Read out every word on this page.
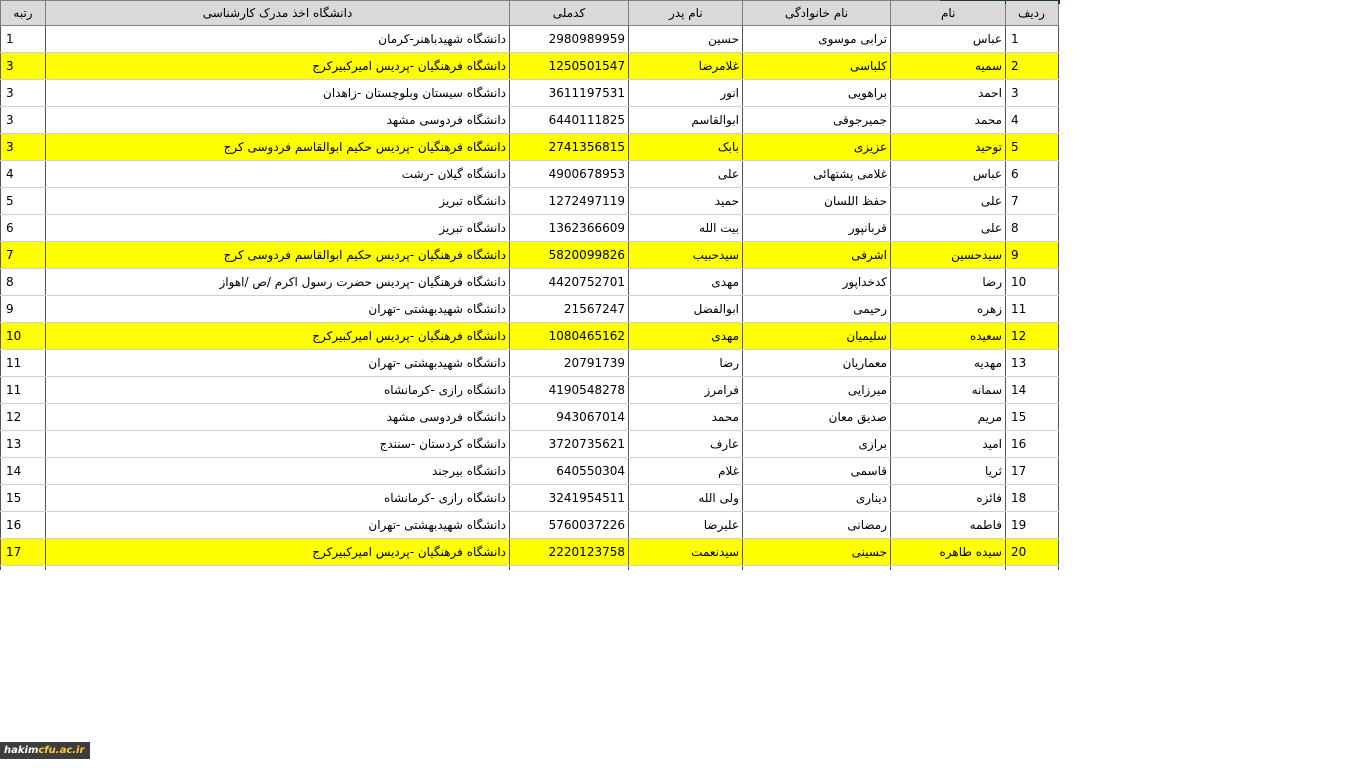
ردیف	نام	نام خانوادگی	نام پدر	کدملی	دانشگاه اخذ مدرک کارشناسی	رتبه
1	عباس	ترابی موسوی	حسین	2980989959	دانشگاه شهیدباهنر-کرمان	1
2	سمیه	کلباسی	غلامرضا	1250501547	دانشگاه فرهنگیان -پردیس امیرکبیرکرج	3
3	احمد	براهویی	انور	3611197531	دانشگاه سیستان وبلوچستان -زاهدان	3
4	محمد	جمیرجوقی	ابوالقاسم	6440111825	دانشگاه فردوسی مشهد	3
5	توحید	عزیزی	بابک	2741356815	دانشگاه فرهنگیان -پردیس حکیم ابوالقاسم فردوسی کرج	3
6	عباس	غلامی پشتهائی	علی	4900678953	دانشگاه گیلان -رشت	4
7	علی	حفظ اللسان	حمید	1272497119	دانشگاه تبریز	5
8	علی	قربانپور	بیت الله	1362366609	دانشگاه تبریز	6
9	سیدحسین	اشرفی	سیدحبیب	5820099826	دانشگاه فرهنگیان -پردیس حکیم ابوالقاسم فردوسی کرج	7
10	رضا	کدخداپور	مهدی	4420752701	دانشگاه فرهنگیان -پردیس حضرت رسول اکرم /ص /اهواز	8
11	زهره	رحیمی	ابوالفضل	21567247	دانشگاه شهیدبهشتی -تهران	9
12	سعیده	سلیمیان	مهدی	1080465162	دانشگاه فرهنگیان -پردیس امیرکبیرکرج	10
13	مهدیه	معماریان	رضا	20791739	دانشگاه شهیدبهشتی -تهران	11
14	سمانه	میرزایی	فرامرز	4190548278	دانشگاه رازی -کرمانشاه	11
15	مریم	صدیق معان	محمد	943067014	دانشگاه فردوسی مشهد	12
16	امید	برازی	عارف	3720735621	دانشگاه کردستان -سنندج	13
17	ثریا	قاسمی	غلام	640550304	دانشگاه بیرجند	14
18	فائزه	دیناری	ولی الله	3241954511	دانشگاه رازی -کرمانشاه	15
19	فاطمه	رمضانی	علیرضا	5760037226	دانشگاه شهیدبهشتی -تهران	16
20	سیده طاهره	حسینی	سیدنعمت	2220123758	دانشگاه فرهنگیان -پردیس امیرکبیرکرج	17

hakimcfu.ac.ir
